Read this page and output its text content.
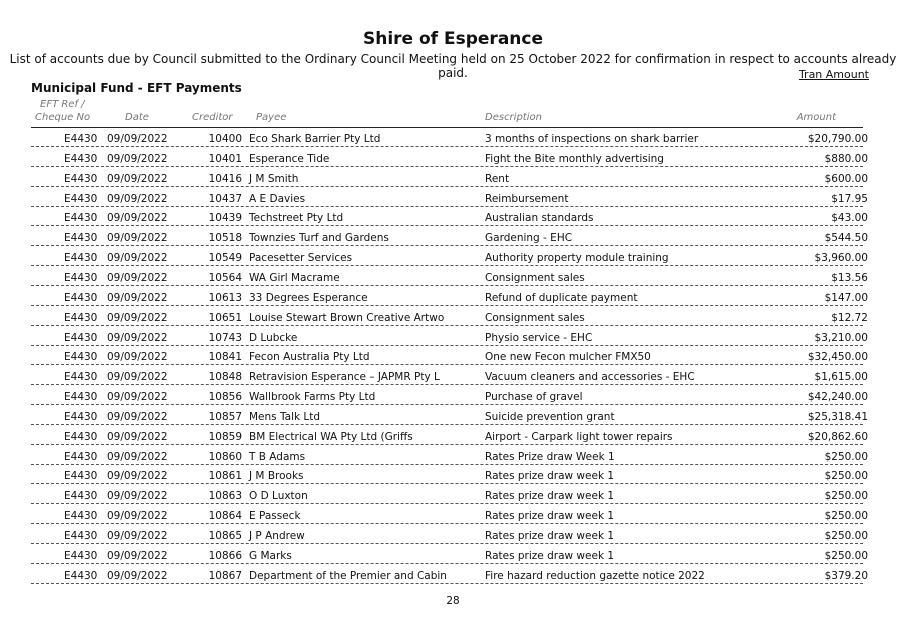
Shire of Esperance
List of accounts due by Council submitted to the Ordinary Council Meeting held on 25 October 2022 for confirmation in respect to accounts already paid.	Tran Amount
Municipal Fund - EFT Payments
EFT Ref /
Cheque No	Date	Creditor Payee	Description	Amount
E4430 09/09/2022	10400 Eco Shark Barrier Pty Ltd	3 months of inspections on shark barrier	$20,790.00
E4430 09/09/2022	10401 Esperance Tide	Fight the Bite monthly advertising	$880.00
E4430 09/09/2022	10416 J M Smith	Rent	$600.00
E4430 09/09/2022	10437 A E Davies	Reimbursement	$17.95
E4430 09/09/2022	10439 Techstreet Pty Ltd	Australian standards	$43.00
E4430 09/09/2022	10518 Townzies Turf and Gardens	Gardening - EHC	$544.50
E4430 09/09/2022	10549 Pacesetter Services	Authority property module training	$3,960.00
E4430 09/09/2022	10564 WA Girl Macrame	Consignment sales	$13.56
E4430 09/09/2022	10613 33 Degrees Esperance	Refund of duplicate payment	$147.00
E4430 09/09/2022	10651 Louise Stewart Brown Creative Artwo	Consignment sales	$12.72
E4430 09/09/2022	10743 D Lubcke	Physio service - EHC	$3,210.00
E4430 09/09/2022	10841 Fecon Australia Pty Ltd	One new Fecon mulcher FMX50	$32,450.00
E4430 09/09/2022	10848 Retravision Esperance – JAPMR Pty L	Vacuum cleaners and accessories - EHC	$1,615.00
E4430 09/09/2022	10856 Wallbrook Farms Pty Ltd	Purchase of gravel	$42,240.00
E4430 09/09/2022	10857 Mens Talk Ltd	Suicide prevention grant	$25,318.41
E4430 09/09/2022	10859 BM Electrical WA Pty Ltd (Griffs	Airport - Carpark light tower repairs	$20,862.60
E4430 09/09/2022	10860 T B Adams	Rates Prize draw Week 1	$250.00
E4430 09/09/2022	10861 J M Brooks	Rates prize draw week 1	$250.00
E4430 09/09/2022	10863 O D Luxton	Rates prize draw week 1	$250.00
E4430 09/09/2022	10864 E Passeck	Rates prize draw week 1	$250.00
E4430 09/09/2022	10865 J P Andrew	Rates prize draw week 1	$250.00
E4430 09/09/2022	10866 G Marks	Rates prize draw week 1	$250.00
E4430 09/09/2022	10867 Department of the Premier and Cabin	Fire hazard reduction gazette notice 2022	$379.20
28
